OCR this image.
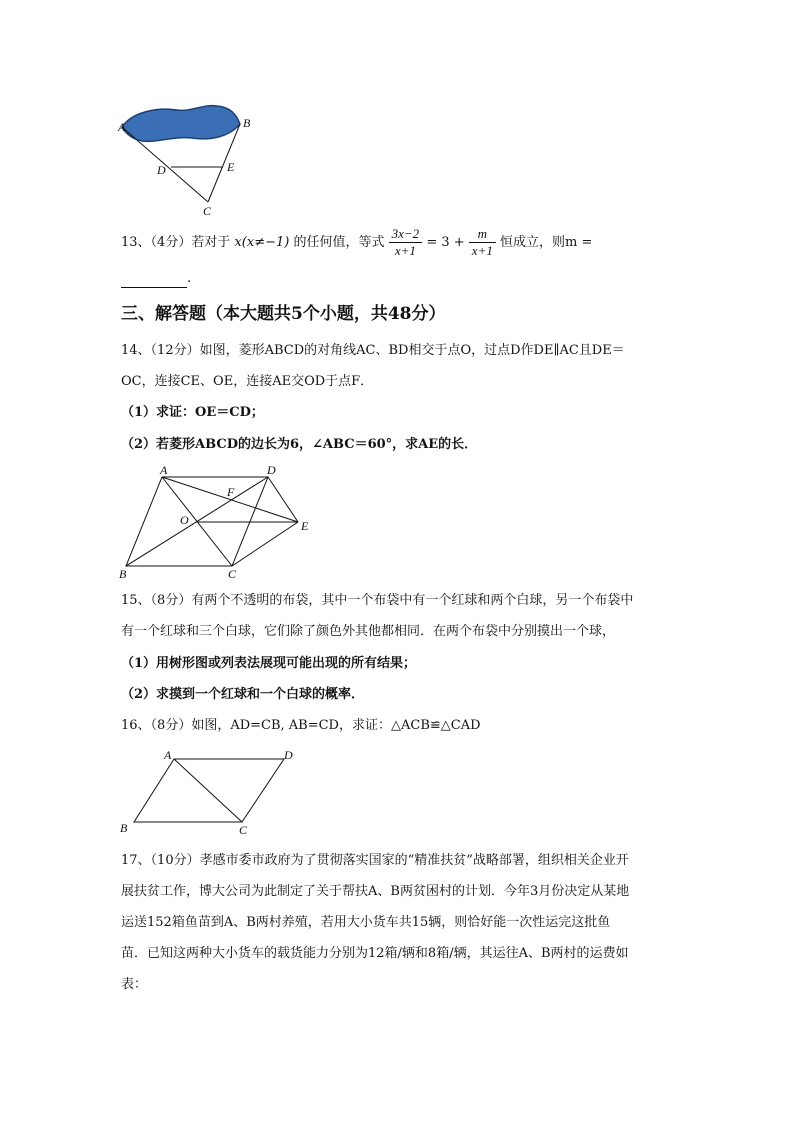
A	B
D	E
C
13、（4分）若对于 x(x≠−1) 的任何值，等式 $\frac{3x-2}{x+1} = 3 + \frac{m}{x+1}$ 恒成立，则m =
.
三、解答题（本大题共5个小题，共48分）
14、（12分）如图，菱形ABCD的对角线AC、BD相交于点O，过点D作DE∥AC且DE＝
OC，连接CE、OE，连接AE交OD于点F．
（1）求证：OE＝CD；
（2）若菱形ABCD的边长为6，∠ABC＝60°，求AE的长．
A	D
F
O	E
B	C
15、（8分）有两个不透明的布袋，其中一个布袋中有一个红球和两个白球，另一个布袋中
有一个红球和三个白球，它们除了颜色外其他都相同．在两个布袋中分别摸出一个球，
（1）用树形图或列表法展现可能出现的所有结果；
（2）求摸到一个红球和一个白球的概率．
16、（8分）如图，AD=CB, AB=CD，求证：△ACB≌△CAD
A	D
B	C
17、（10分）孝感市委市政府为了贯彻落实国家的“精准扶贫”战略部署，组织相关企业开
展扶贫工作，博大公司为此制定了关于帮扶A、B两贫困村的计划．今年3月份决定从某地
运送152箱鱼苗到A、B两村养殖，若用大小货车共15辆，则恰好能一次性运完这批鱼
苗．已知这两种大小货车的载货能力分别为12箱/辆和8箱/辆，其运往A、B两村的运费如
表：
